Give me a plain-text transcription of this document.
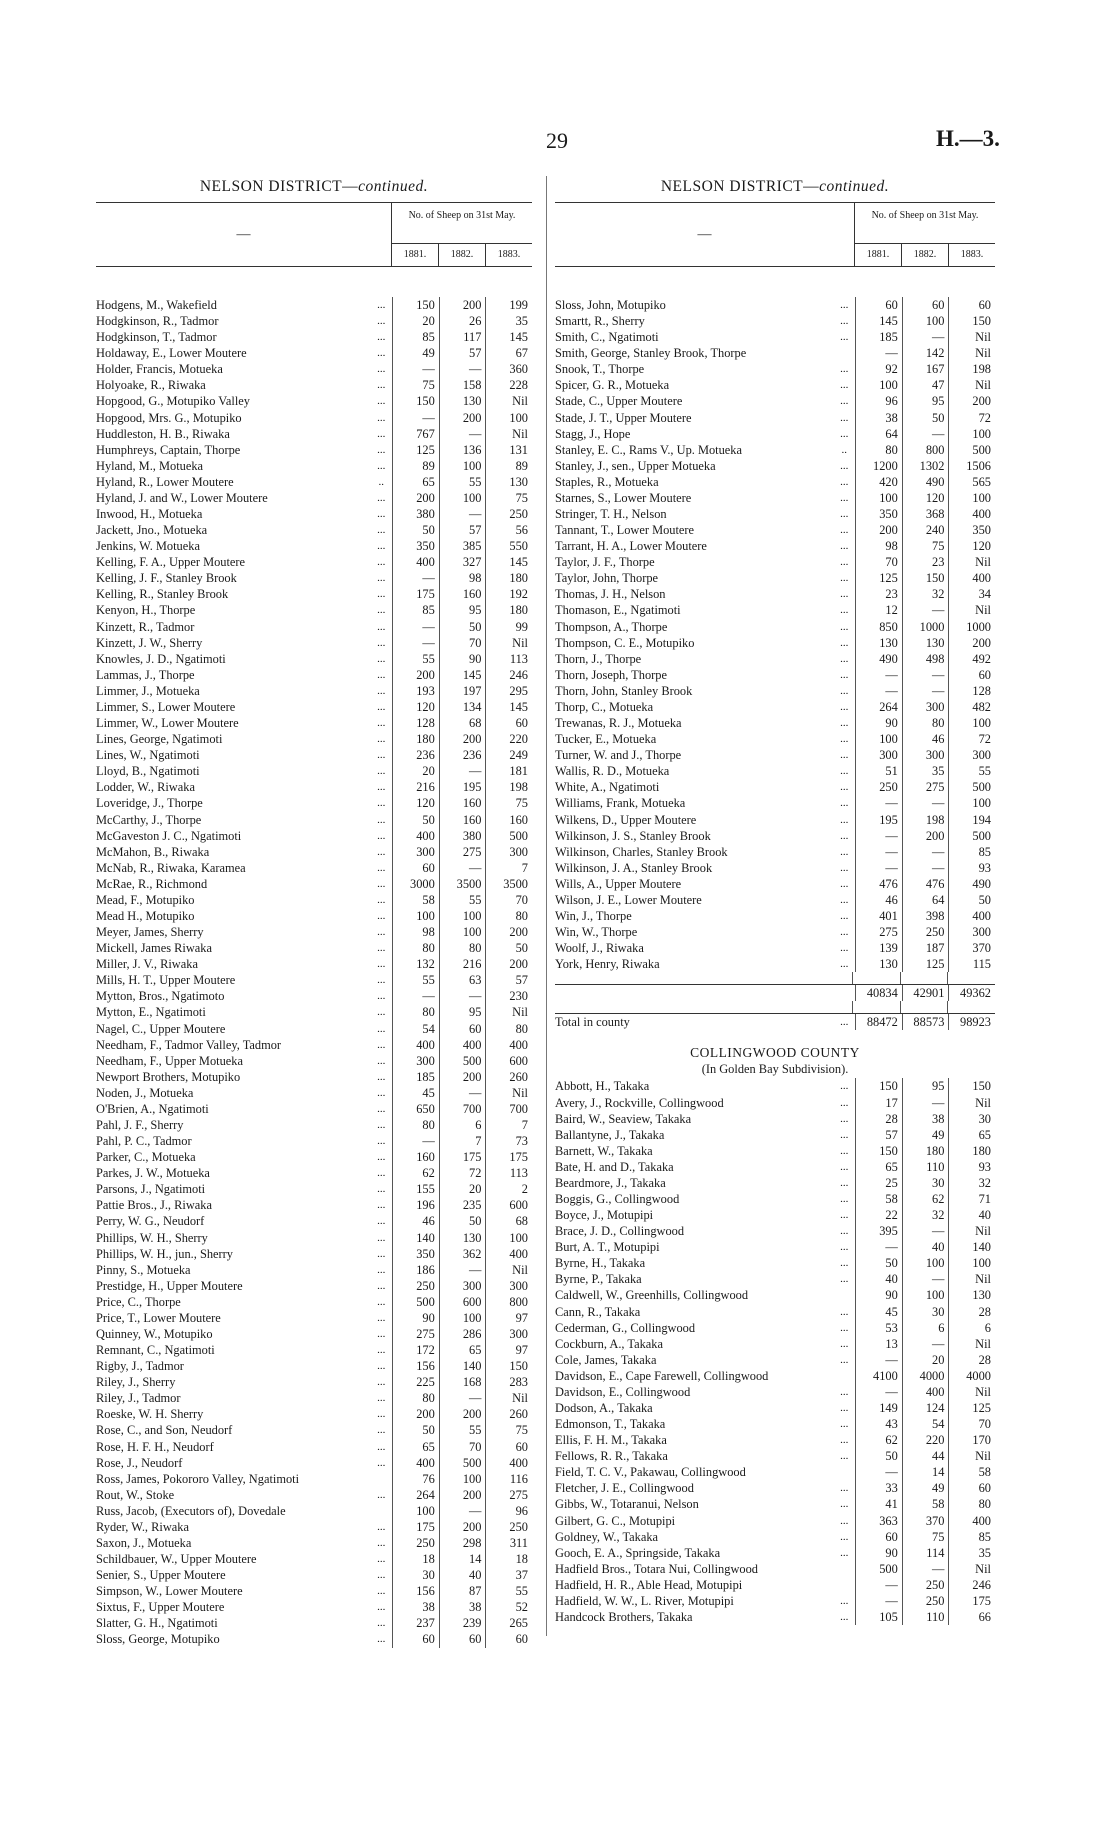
29	H.—3.
NELSON DISTRICT—continued.
—
No. of Sheep on 31st May.
1881.	1882.	1883.
Hodgens, M., Wakefield	...	150	200	199
Hodgkinson, R., Tadmor	...	20	26	35
Hodgkinson, T., Tadmor	...	85	117	145
Holdaway, E., Lower Moutere	...	49	57	67
Holder, Francis, Motueka	...	—	—	360
Holyoake, R., Riwaka	...	75	158	228
Hopgood, G., Motupiko Valley	...	150	130	Nil
Hopgood, Mrs. G., Motupiko	...	—	200	100
Huddleston, H. B., Riwaka	...	767	—	Nil
Humphreys, Captain, Thorpe	...	125	136	131
Hyland, M., Motueka	...	89	100	89
Hyland, R., Lower Moutere	..	65	55	130
Hyland, J. and W., Lower Moutere	...	200	100	75
Inwood, H., Motueka	...	380	—	250
Jackett, Jno., Motueka	...	50	57	56
Jenkins, W. Motueka	...	350	385	550
Kelling, F. A., Upper Moutere	...	400	327	145
Kelling, J. F., Stanley Brook	...	—	98	180
Kelling, R., Stanley Brook	...	175	160	192
Kenyon, H., Thorpe	...	85	95	180
Kinzett, R., Tadmor	...	—	50	99
Kinzett, J. W., Sherry	...	—	70	Nil
Knowles, J. D., Ngatimoti	...	55	90	113
Lammas, J., Thorpe	...	200	145	246
Limmer, J., Motueka	...	193	197	295
Limmer, S., Lower Moutere	...	120	134	145
Limmer, W., Lower Moutere	...	128	68	60
Lines, George, Ngatimoti	...	180	200	220
Lines, W., Ngatimoti	...	236	236	249
Lloyd, B., Ngatimoti	...	20	—	181
Lodder, W., Riwaka	...	216	195	198
Loveridge, J., Thorpe	...	120	160	75
McCarthy, J., Thorpe	...	50	160	160
McGaveston J. C., Ngatimoti	...	400	380	500
McMahon, B., Riwaka	...	300	275	300
McNab, R., Riwaka, Karamea	...	60	—	7
McRae, R., Richmond	...	3000	3500	3500
Mead, F., Motupiko	...	58	55	70
Mead H., Motupiko	...	100	100	80
Meyer, James, Sherry	...	98	100	200
Mickell, James Riwaka	...	80	80	50
Miller, J. V., Riwaka	...	132	216	200
Mills, H. T., Upper Moutere	...	55	63	57
Mytton, Bros., Ngatimoto	...	—	—	230
Mytton, E., Ngatimoti	...	80	95	Nil
Nagel, C., Upper Moutere	...	54	60	80
Needham, F., Tadmor Valley, Tadmor	...	400	400	400
Needham, F., Upper Motueka	...	300	500	600
Newport Brothers, Motupiko	...	185	200	260
Noden, J., Motueka	...	45	—	Nil
O'Brien, A., Ngatimoti	...	650	700	700
Pahl, J. F., Sherry	...	80	6	7
Pahl, P. C., Tadmor	...	—	7	73
Parker, C., Motueka	...	160	175	175
Parkes, J. W., Motueka	...	62	72	113
Parsons, J., Ngatimoti	...	155	20	2
Pattie Bros., J., Riwaka	...	196	235	600
Perry, W. G., Neudorf	...	46	50	68
Phillips, W. H., Sherry	...	140	130	100
Phillips, W. H., jun., Sherry	...	350	362	400
Pinny, S., Motueka	...	186	—	Nil
Prestidge, H., Upper Moutere	...	250	300	300
Price, C., Thorpe	...	500	600	800
Price, T., Lower Moutere	...	90	100	97
Quinney, W., Motupiko	...	275	286	300
Remnant, C., Ngatimoti	...	172	65	97
Rigby, J., Tadmor	...	156	140	150
Riley, J., Sherry	...	225	168	283
Riley, J., Tadmor	...	80	—	Nil
Roeske, W. H. Sherry	...	200	200	260
Rose, C., and Son, Neudorf	...	50	55	75
Rose, H. F. H., Neudorf	...	65	70	60
Rose, J., Neudorf	...	400	500	400
Ross, James, Pokororo Valley, Ngatimoti	76	100	116
Rout, W., Stoke	...	264	200	275
Russ, Jacob, (Executors of), Dovedale	100	—	96
Ryder, W., Riwaka	...	175	200	250
Saxon, J., Motueka	...	250	298	311
Schildbauer, W., Upper Moutere	...	18	14	18
Senier, S., Upper Moutere	...	30	40	37
Simpson, W., Lower Moutere	...	156	87	55
Sixtus, F., Upper Moutere	...	38	38	52
Slatter, G. H., Ngatimoti	...	237	239	265
Sloss, George, Motupiko	...	60	60	60
NELSON DISTRICT—continued.
—
No. of Sheep on 31st May.
1881.	1882.	1883.
Sloss, John, Motupiko	...	60	60	60
Smartt, R., Sherry	...	145	100	150
Smith, C., Ngatimoti	...	185	—	Nil
Smith, George, Stanley Brook, Thorpe	—	142	Nil
Snook, T., Thorpe	...	92	167	198
Spicer, G. R., Motueka	...	100	47	Nil
Stade, C., Upper Moutere	...	96	95	200
Stade, J. T., Upper Moutere	...	38	50	72
Stagg, J., Hope	...	64	—	100
Stanley, E. C., Rams V., Up. Motueka	..	80	800	500
Stanley, J., sen., Upper Motueka	...	1200	1302	1506
Staples, R., Motueka	...	420	490	565
Starnes, S., Lower Moutere	...	100	120	100
Stringer, T. H., Nelson	...	350	368	400
Tannant, T., Lower Moutere	...	200	240	350
Tarrant, H. A., Lower Moutere	...	98	75	120
Taylor, J. F., Thorpe	...	70	23	Nil
Taylor, John, Thorpe	...	125	150	400
Thomas, J. H., Nelson	...	23	32	34
Thomason, E., Ngatimoti	...	12	—	Nil
Thompson, A., Thorpe	...	850	1000	1000
Thompson, C. E., Motupiko	...	130	130	200
Thorn, J., Thorpe	...	490	498	492
Thorn, Joseph, Thorpe	...	—	—	60
Thorn, John, Stanley Brook	...	—	—	128
Thorp, C., Motueka	...	264	300	482
Trewanas, R. J., Motueka	...	90	80	100
Tucker, E., Motueka	...	100	46	72
Turner, W. and J., Thorpe	...	300	300	300
Wallis, R. D., Motueka	...	51	35	55
White, A., Ngatimoti	...	250	275	500
Williams, Frank, Motueka	...	—	—	100
Wilkens, D., Upper Moutere	...	195	198	194
Wilkinson, J. S., Stanley Brook	...	—	200	500
Wilkinson, Charles, Stanley Brook	...	—	—	85
Wilkinson, J. A., Stanley Brook	...	—	—	93
Wills, A., Upper Moutere	...	476	476	490
Wilson, J. E., Lower Moutere	...	46	64	50
Win, J., Thorpe	...	401	398	400
Win, W., Thorpe	...	275	250	300
Woolf, J., Riwaka	...	139	187	370
York, Henry, Riwaka	...	130	125	115
40834	42901	49362
Total in county	...	88472	88573	98923
COLLINGWOOD COUNTY
(In Golden Bay Subdivision).
Abbott, H., Takaka	...	150	95	150
Avery, J., Rockville, Collingwood	...	17	—	Nil
Baird, W., Seaview, Takaka	...	28	38	30
Ballantyne, J., Takaka	...	57	49	65
Barnett, W., Takaka	...	150	180	180
Bate, H. and D., Takaka	...	65	110	93
Beardmore, J., Takaka	...	25	30	32
Boggis, G., Collingwood	...	58	62	71
Boyce, J., Motupipi	...	22	32	40
Brace, J. D., Collingwood	...	395	—	Nil
Burt, A. T., Motupipi	...	—	40	140
Byrne, H., Takaka	...	50	100	100
Byrne, P., Takaka	...	40	—	Nil
Caldwell, W., Greenhills, Collingwood	90	100	130
Cann, R., Takaka	...	45	30	28
Cederman, G., Collingwood	...	53	6	6
Cockburn, A., Takaka	...	13	—	Nil
Cole, James, Takaka	...	—	20	28
Davidson, E., Cape Farewell, Collingwood	4100	4000	4000
Davidson, E., Collingwood	...	—	400	Nil
Dodson, A., Takaka	...	149	124	125
Edmonson, T., Takaka	...	43	54	70
Ellis, F. H. M., Takaka	...	62	220	170
Fellows, R. R., Takaka	...	50	44	Nil
Field, T. C. V., Pakawau, Collingwood	—	14	58
Fletcher, J. E., Collingwood	...	33	49	60
Gibbs, W., Totaranui, Nelson	...	41	58	80
Gilbert, G. C., Motupipi	...	363	370	400
Goldney, W., Takaka	...	60	75	85
Gooch, E. A., Springside, Takaka	...	90	114	35
Hadfield Bros., Totara Nui, Collingwood	500	—	Nil
Hadfield, H. R., Able Head, Motupipi	—	250	246
Hadfield, W. W., L. River, Motupipi	...	—	250	175
Handcock Brothers, Takaka	...	105	110	66
